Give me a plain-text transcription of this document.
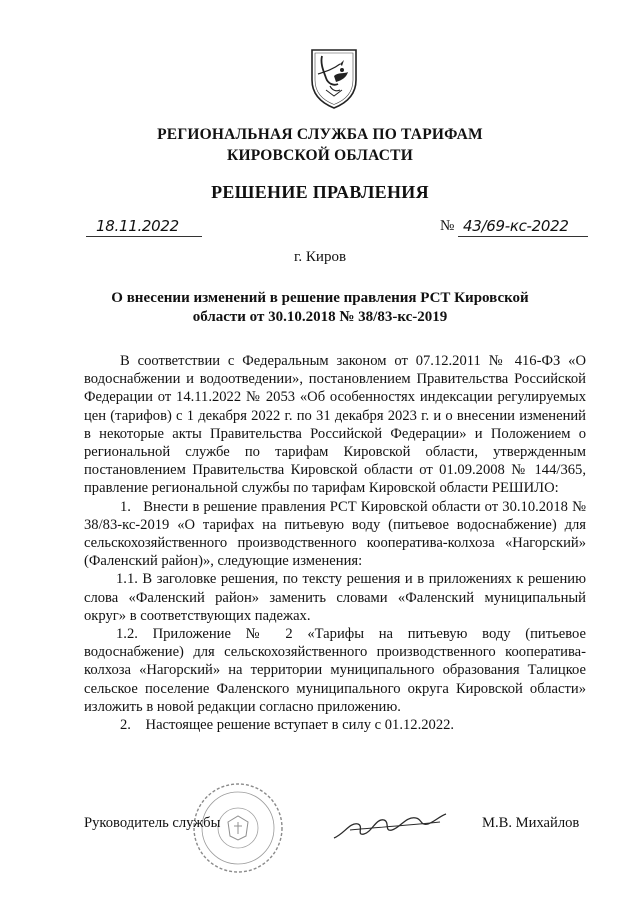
РЕГИОНАЛЬНАЯ СЛУЖБА ПО ТАРИФАМ
КИРОВСКОЙ ОБЛАСТИ
РЕШЕНИЕ ПРАВЛЕНИЯ
18.11.2022	№ 43/69-кс-2022
г. Киров
О внесении изменений в решение правления РСТ Кировской
области от 30.10.2018 № 38/83-кс-2019

В соответствии с Федеральным законом от 07.12.2011 № 416-ФЗ «О водоснабжении и водоотведении», постановлением Правительства Российской Федерации от 14.11.2022 № 2053 «Об особенностях индексации регулируемых цен (тарифов) с 1 декабря 2022 г. по 31 декабря 2023 г. и о внесении изменений в некоторые акты Правительства Российской Федерации» и Положением о региональной службе по тарифам Кировской области, утвержденным постановлением Правительства Кировской области от 01.09.2008 № 144/365, правление региональной службы по тарифам Кировской области РЕШИЛО:

1.   Внести в решение правления РСТ Кировской области от 30.10.2018 № 38/83-кс-2019 «О тарифах на питьевую воду (питьевое водоснабжение) для сельскохозяйственного производственного кооператива-колхоза «Нагорский» (Фаленский район)», следующие изменения:

1.1. В заголовке решения, по тексту решения и в приложениях к решению слова «Фаленский район» заменить словами «Фаленский муниципальный округ» в соответствующих падежах.

1.2. Приложение № 2 «Тарифы на питьевую воду (питьевое водоснабжение) для сельскохозяйственного производственного кооператива-колхоза «Нагорский» на территории муниципального образования Талицкое сельское поселение Фаленского муниципального округа Кировской области» изложить в новой редакции согласно приложению.

2.    Настоящее решение вступает в силу с 01.12.2022.

Руководитель службы	М.В. Михайлов
